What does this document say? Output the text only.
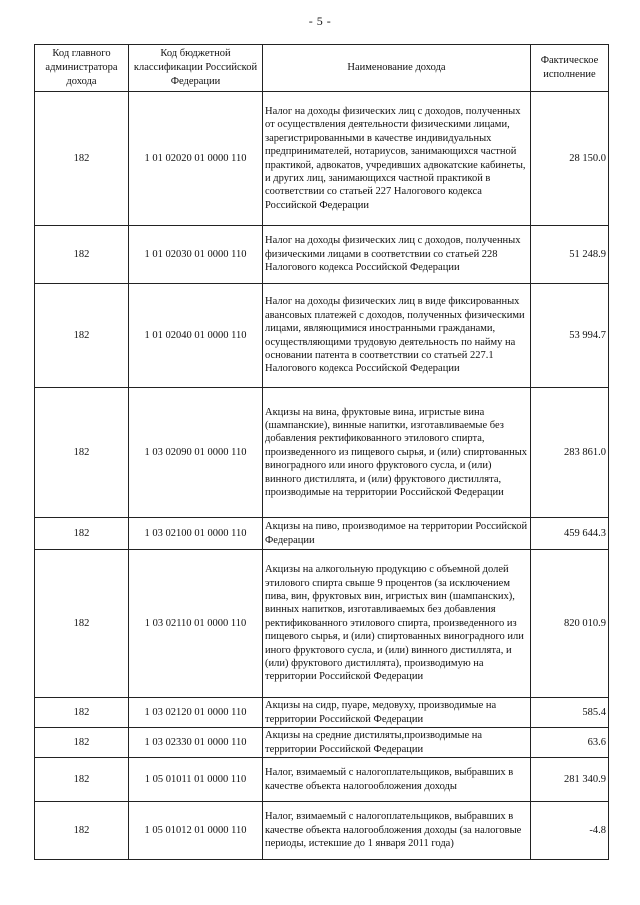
- 5 -
Код главного администратора дохода	Код бюджетной классификации Российской Федерации	Наименование дохода	Фактическое исполнение
182	1 01 02020 01 0000 110	Налог на доходы физических лиц с доходов, полученных от осуществления деятельности физическими лицами, зарегистрированными в качестве индивидуальных предпринимателей, нотариусов, занимающихся частной практикой, адвокатов, учредивших адвокатские кабинеты, и других лиц, занимающихся частной практикой в соответствии со статьей 227 Налогового кодекса Российской Федерации	28 150.0
182	1 01 02030 01 0000 110	Налог на доходы физических лиц с доходов, полученных физическими лицами в соответствии со статьей 228 Налогового кодекса Российской Федерации	51 248.9
182	1 01 02040 01 0000 110	Налог на доходы физических лиц в виде фиксированных авансовых платежей с доходов, полученных физическими лицами, являющимися иностранными гражданами, осуществляющими трудовую деятельность по найму на основании патента в соответствии со статьей 227.1 Налогового кодекса Российской Федерации	53 994.7
182	1 03 02090 01 0000 110	Акцизы на вина, фруктовые вина, игристые вина (шампанские), винные напитки, изготавливаемые без добавления ректификованного этилового спирта, произведенного из пищевого сырья, и (или) спиртованных виноградного или иного фруктового сусла, и (или) винного дистиллята, и (или) фруктового дистиллята, производимые на территории Российской Федерации	283 861.0
182	1 03 02100 01 0000 110	Акцизы на пиво, производимое на территории Российской Федерации	459 644.3
182	1 03 02110 01 0000 110	Акцизы на алкогольную продукцию с объемной долей этилового спирта свыше 9 процентов (за исключением пива, вин, фруктовых вин, игристых вин (шампанских), винных напитков, изготавливаемых без добавления ректификованного этилового спирта, произведенного из пищевого сырья, и (или) спиртованных виноградного или иного фруктового сусла, и (или) винного дистиллята, и (или) фруктового дистиллята), производимую на территории Российской Федерации	820 010.9
182	1 03 02120 01 0000 110	Акцизы на сидр, пуаре, медовуху, производимые на территории Российской Федерации	585.4
182	1 03 02330 01 0000 110	Акцизы на средние дистиляты,производимые на территории Российской Федерации	63.6
182	1 05 01011 01 0000 110	Налог, взимаемый с налогоплательщиков, выбравших в качестве объекта налогообложения доходы	281 340.9
182	1 05 01012 01 0000 110	Налог, взимаемый с налогоплательщиков, выбравших в качестве объекта налогообложения доходы (за налоговые периоды, истекшие до 1 января 2011 года)	-4.8
